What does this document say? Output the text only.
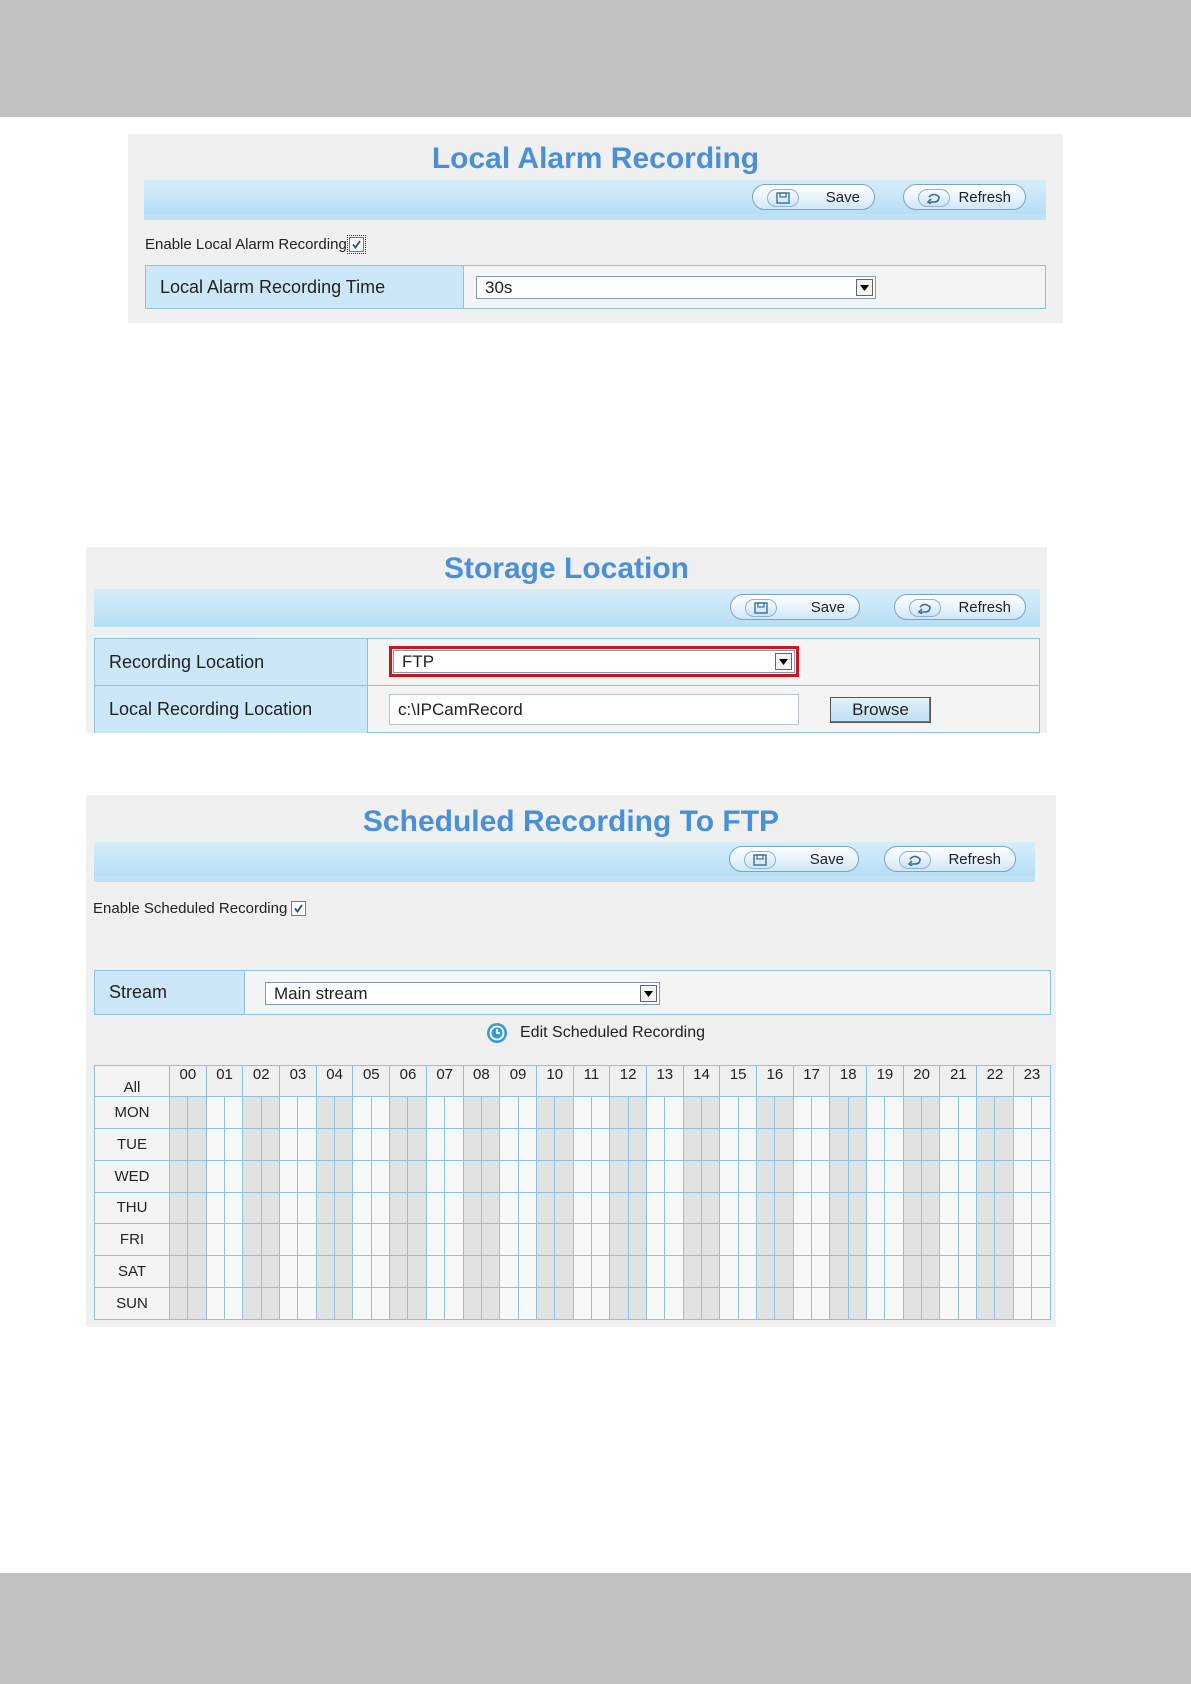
Local Alarm Recording
Save	Refresh
Enable Local Alarm Recording
Local Alarm Recording Time	30s
Storage Location
Save	Refresh
Recording Location	FTP
Local Recording Location	c:\IPCamRecord	Browse
Scheduled Recording To FTP
Save	Refresh
Enable Scheduled Recording
Stream	Main stream
Edit Scheduled Recording
All	00		01		02		03		04		05		06		07		08		09		10		11		12		13		14		15		16		17		18		19		20		21		22		23	
MON																																																
TUE																																																
WED																																																
THU																																																
FRI																																																
SAT																																																
SUN																																																
